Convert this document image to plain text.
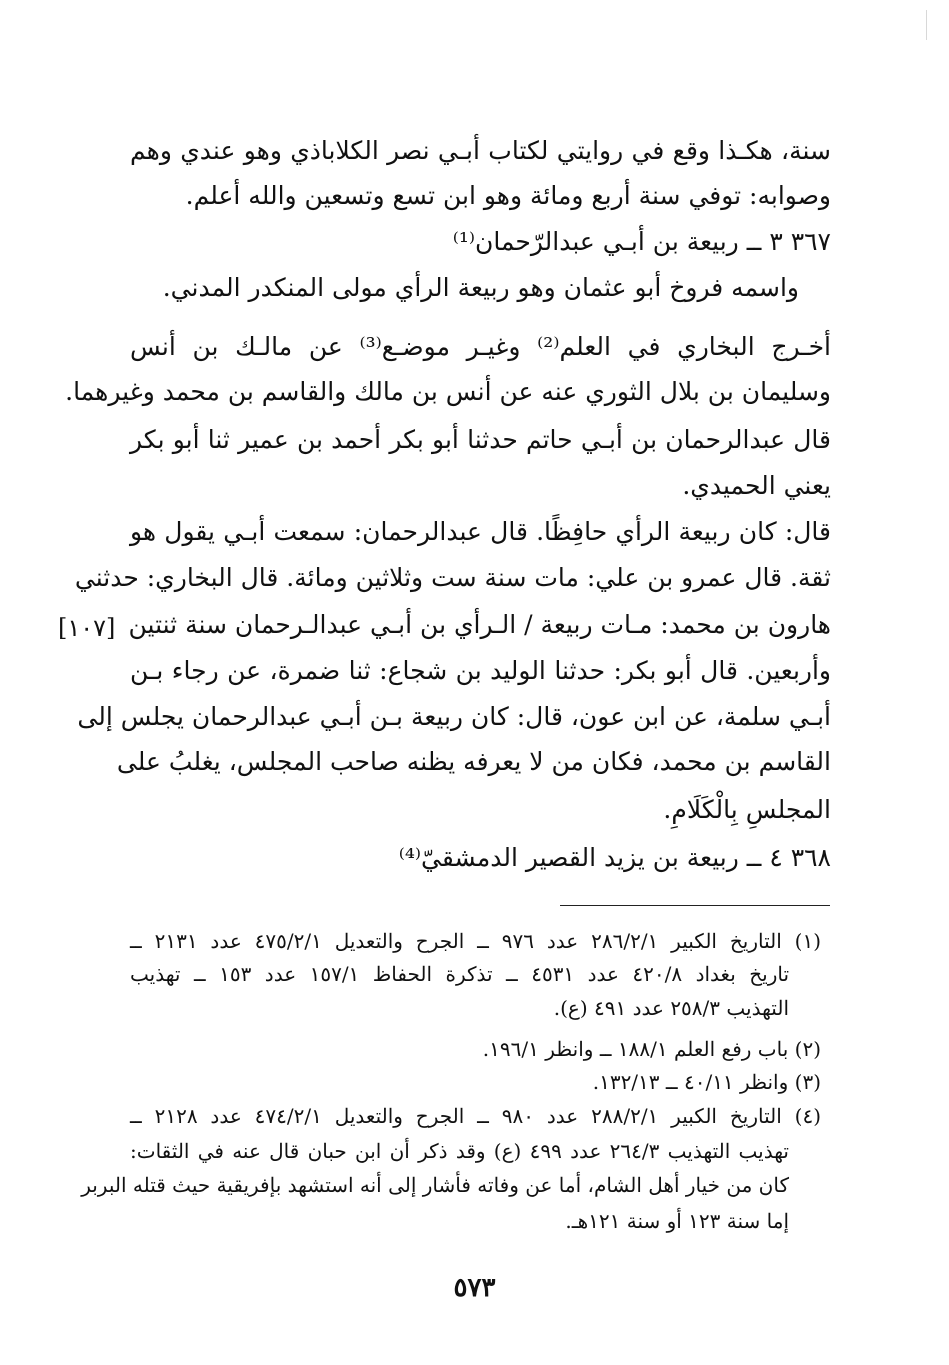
سنة، هكـذا وقع في روايتي لكتاب أبـي نصر الكلاباذي وهو عندي وهم
وصوابه: توفي سنة أربع ومائة وهو ابن تسع وتسعين والله أعلم.
٣٦٧ ٣ ــ ربيعة بن أبـي عبدالرّحمان⁽¹⁾
واسمه فروخ أبو عثمان وهو ربيعة الرأي مولى المنكدر المدني.
أخـرج البخاري في العلم⁽²⁾ وغيـر موضـع⁽³⁾ عن مالـك بن أنس
وسليمان بن بلال الثوري عنه عن أنس بن مالك والقاسم بن محمد وغيرهما.
قال عبدالرحمان بن أبـي حاتم حدثنا أبو بكر أحمد بن عمير ثنا أبو بكر
يعني الحميدي.
قال: كان ربيعة الرأي حافِظًا. قال عبدالرحمان: سمعت أبـي يقول هو
ثقة. قال عمرو بن علي: مات سنة ست وثلاثين ومائة. قال البخاري: حدثني
هارون بن محمد: مـات ربيعة / الـرأي بن أبـي عبدالـرحمان سنة ثنتين
وأربعين. قال أبو بكر: حدثنا الوليد بن شجاع: ثنا ضمرة، عن رجاء بـن
أبـي سلمة، عن ابن عون، قال: كان ربيعة بـن أبـي عبدالرحمان يجلس إلى
القاسم بن محمد، فكان من لا يعرفه يظنه صاحب المجلس، يغلبُ على
المجلسِ بِالْكَلَامِ.
٣٦٨ ٤ ــ ربيعة بن يزيد القصير الدمشقيّ⁽⁴⁾
[١٠٧]
(١) التاريخ الكبير ٢٨٦/٢/١ عدد ٩٧٦ ــ الجرح والتعديل ٤٧٥/٢/١ عدد ٢١٣١ ــ
تاريخ بغداد ٤٢٠/٨ عدد ٤٥٣١ ــ تذكرة الحفاظ ١٥٧/١ عدد ١٥٣ ــ تهذيب
التهذيب ٢٥٨/٣ عدد ٤٩١ (ع).
(٢) باب رفع العلم ١٨٨/١ ــ وانظر ١٩٦/١.
(٣) وانظر ٤٠/١١ ــ ١٣٢/١٣.
(٤) التاريخ الكبير ٢٨٨/٢/١ عدد ٩٨٠ ــ الجرح والتعديل ٤٧٤/٢/١ عدد ٢١٢٨ ــ
تهذيب التهذيب ٢٦٤/٣ عدد ٤٩٩ (ع) وقد ذكر أن ابن حبان قال عنه في الثقات:
كان من خيار أهل الشام، أما عن وفاته فأشار إلى أنه استشهد بإفريقية حيث قتله البربر
إما سنة ١٢٣ أو سنة ١٢١هـ.
٥٧٣
